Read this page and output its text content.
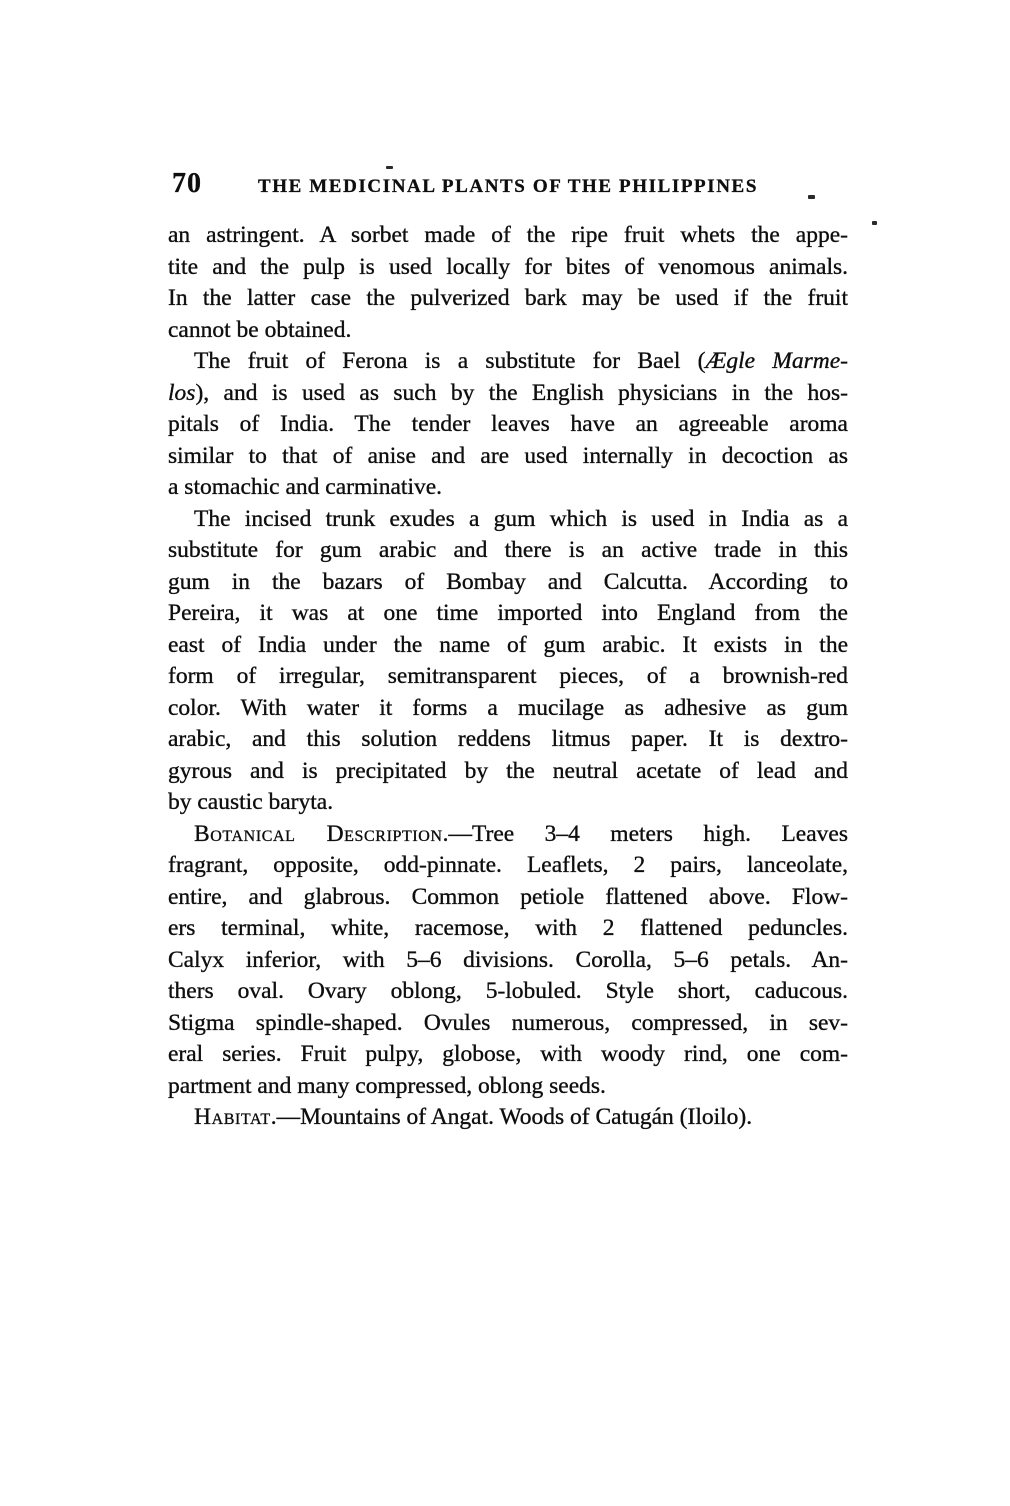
70	THE MEDICINAL PLANTS OF THE PHILIPPINES
an astringent. A sorbet made of the ripe fruit whets the appe-
tite and the pulp is used locally for bites of venomous animals.
In the latter case the pulverized bark may be used if the fruit
cannot be obtained.
The fruit of Ferona is a substitute for Bael (Ægle Marme-
los), and is used as such by the English physicians in the hos-
pitals of India. The tender leaves have an agreeable aroma
similar to that of anise and are used internally in decoction as
a stomachic and carminative.
The incised trunk exudes a gum which is used in India as a
substitute for gum arabic and there is an active trade in this
gum in the bazars of Bombay and Calcutta. According to
Pereira, it was at one time imported into England from the
east of India under the name of gum arabic. It exists in the
form of irregular, semitransparent pieces, of a brownish-red
color. With water it forms a mucilage as adhesive as gum
arabic, and this solution reddens litmus paper. It is dextro-
gyrous and is precipitated by the neutral acetate of lead and
by caustic baryta.
Botanical Description.—Tree 3–4 meters high. Leaves
fragrant, opposite, odd-pinnate. Leaflets, 2 pairs, lanceolate,
entire, and glabrous. Common petiole flattened above. Flow-
ers terminal, white, racemose, with 2 flattened peduncles.
Calyx inferior, with 5–6 divisions. Corolla, 5–6 petals. An-
thers oval. Ovary oblong, 5-lobuled. Style short, caducous.
Stigma spindle-shaped. Ovules numerous, compressed, in sev-
eral series. Fruit pulpy, globose, with woody rind, one com-
partment and many compressed, oblong seeds.
Habitat.—Mountains of Angat. Woods of Catugán (Iloilo).
